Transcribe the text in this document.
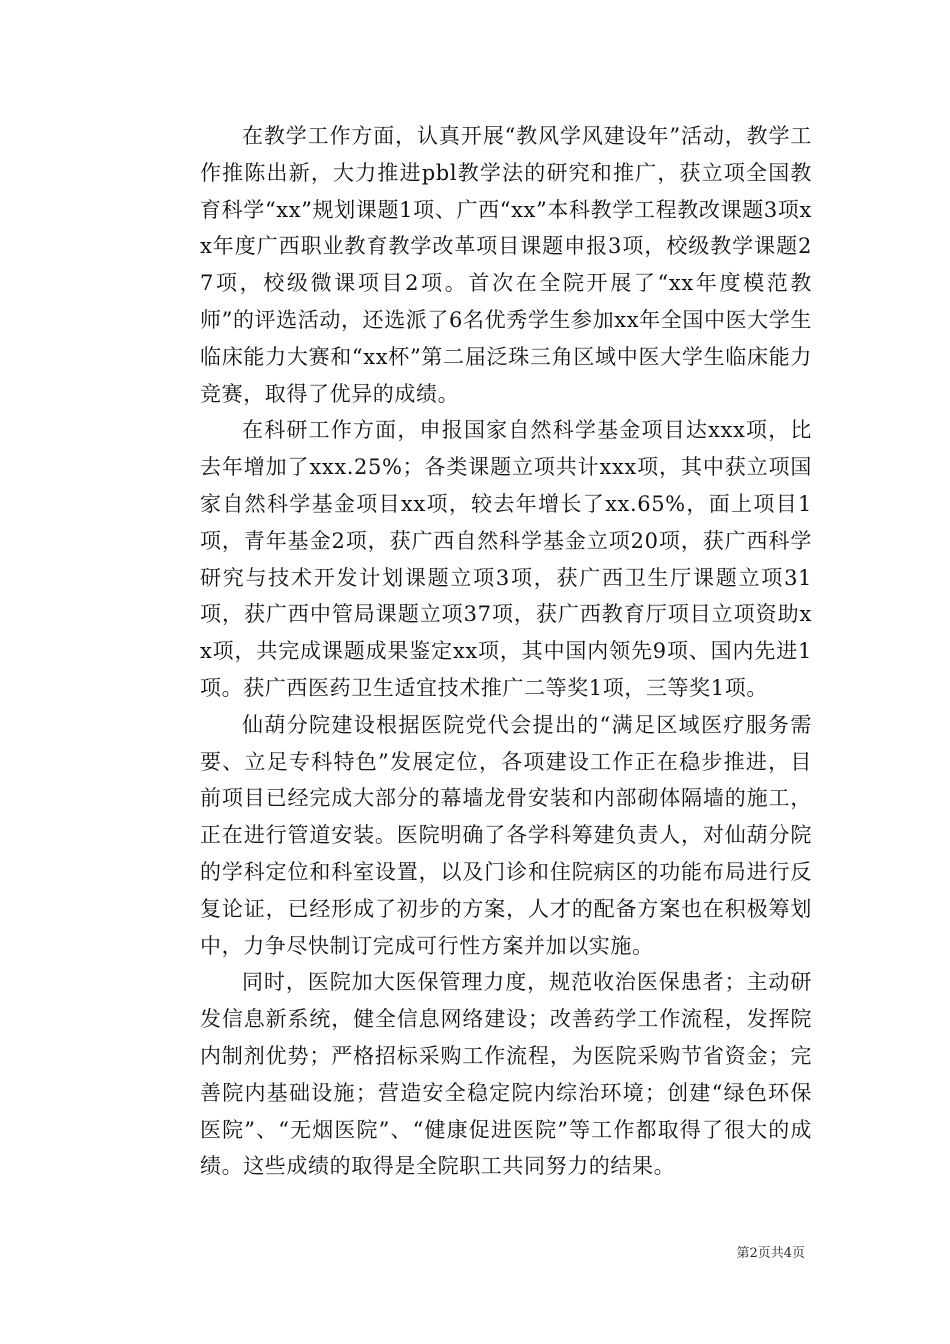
在教学工作方面，认真开展“教风学风建设年”活动，教学工作推陈出新，大力推进pbl教学法的研究和推广，获立项全国教育科学“xx”规划课题1项、广西“xx”本科教学工程教改课题3项xx年度广西职业教育教学改革项目课题申报3项，校级教学课题27项，校级微课项目2项。首次在全院开展了“xx年度模范教师”的评选活动，还选派了6名优秀学生参加xx年全国中医大学生临床能力大赛和“xx杯”第二届泛珠三角区域中医大学生临床能力竞赛，取得了优异的成绩。

在科研工作方面，申报国家自然科学基金项目达xxx项，比去年增加了xxx.25%；各类课题立项共计xxx项，其中获立项国家自然科学基金项目xx项，较去年增长了xx.65%，面上项目1项，青年基金2项，获广西自然科学基金立项20项，获广西科学研究与技术开发计划课题立项3项，获广西卫生厅课题立项31项，获广西中管局课题立项37项，获广西教育厅项目立项资助xx项，共完成课题成果鉴定xx项，其中国内领先9项、国内先进1项。获广西医药卫生适宜技术推广二等奖1项，三等奖1项。

仙葫分院建设根据医院党代会提出的“满足区域医疗服务需要、立足专科特色”发展定位，各项建设工作正在稳步推进，目前项目已经完成大部分的幕墙龙骨安装和内部砌体隔墙的施工，正在进行管道安装。医院明确了各学科筹建负责人，对仙葫分院的学科定位和科室设置，以及门诊和住院病区的功能布局进行反复论证，已经形成了初步的方案，人才的配备方案也在积极筹划中，力争尽快制订完成可行性方案并加以实施。

同时，医院加大医保管理力度，规范收治医保患者；主动研发信息新系统，健全信息网络建设；改善药学工作流程，发挥院内制剂优势；严格招标采购工作流程，为医院采购节省资金；完善院内基础设施；营造安全稳定院内综治环境；创建“绿色环保医院”、“无烟医院”、“健康促进医院”等工作都取得了很大的成绩。这些成绩的取得是全院职工共同努力的结果。

第2页共4页
